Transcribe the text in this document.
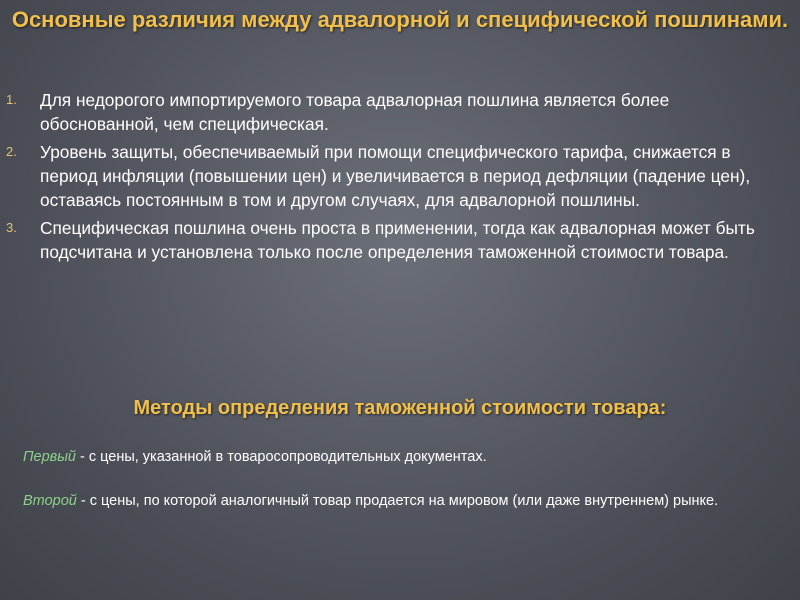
Основные различия между адвалорной и специфической пошлинами.
1. Для недорогого импортируемого товара адвалорная пошлина является более обоснованной, чем специфическая.
2. Уровень защиты, обеспечиваемый при помощи специфического тарифа, снижается в период инфляции (повышении цен) и увеличивается в период дефляции (падение цен), оставаясь постоянным в том и другом случаях, для адвалорной пошлины.
3. Специфическая пошлина очень проста в применении, тогда как адвалорная может быть подсчитана и установлена только после определения таможенной стоимости товара.
Методы определения таможенной стоимости товара:

Первый - с цены, указанной в товаросопроводительных документах.

Второй - с цены, по которой аналогичный товар продается на мировом (или даже внутреннем) рынке.
